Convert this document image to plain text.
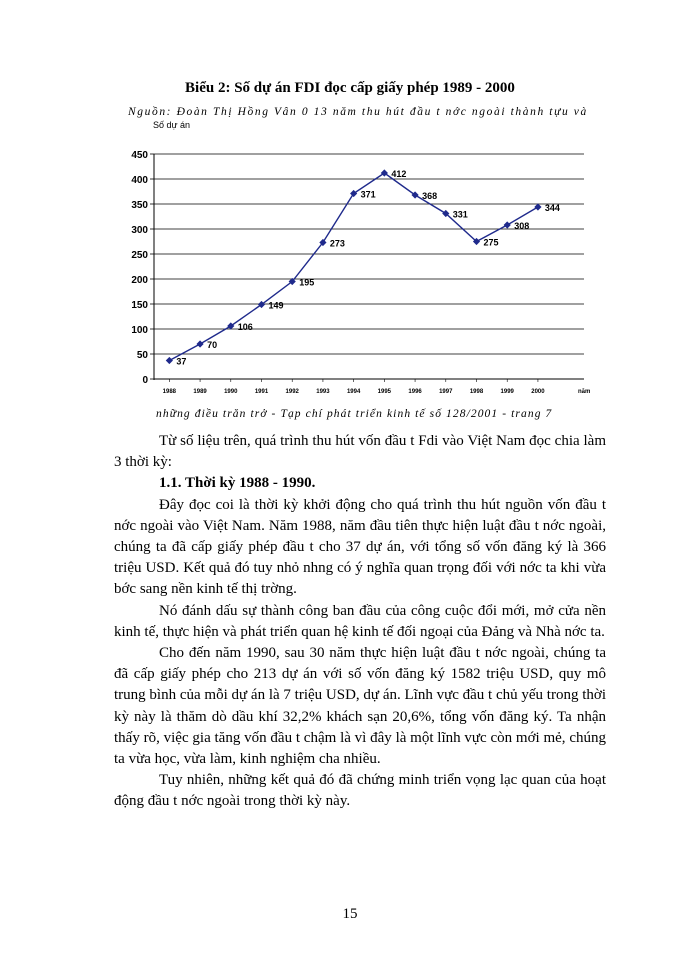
Biểu 2: Số dự án FDI đọc cấp giấy phép 1989 - 2000
Nguồn: Đoàn Thị Hồng Vân 0 13 năm thu hút đầu t nớc ngoài thành tựu và
Số dự án
0
50
100
150
200
250
300
350
400
450
1988	1989	1990	1991	1992	1993	1994	1995	1996	1997	1998	1999	2000	năm
37
70
106
149
195
273
371
412
368
331
275
308
344
những điều trăn trở - Tạp chí phát triển kinh tế số 128/2001 - trang 7

Từ số liệu trên, quá trình thu hút vốn đầu t Fdi vào Việt Nam đọc chia làm 3 thời kỳ:

1.1. Thời kỳ 1988 - 1990.

Đây đọc coi là thời kỳ khởi động cho quá trình thu hút nguồn vốn đầu t nớc ngoài vào Việt Nam. Năm 1988, năm đầu tiên thực hiện luật đầu t nớc ngoài, chúng ta đã cấp giấy phép đầu t cho 37 dự án, với tổng số vốn đăng ký là 366 triệu USD. Kết quả đó tuy nhỏ nhng có ý nghĩa quan trọng đối với nớc ta khi vừa bớc sang nền kinh tế thị trờng.

Nó đánh dấu sự thành công ban đầu của công cuộc đổi mới, mở cửa nền kinh tế, thực hiện và phát triển quan hệ kinh tế đối ngoại của Đảng và Nhà nớc ta.

Cho đến năm 1990, sau 30 năm thực hiện luật đầu t nớc ngoài, chúng ta đã cấp giấy phép cho 213 dự án với số vốn đăng ký 1582 triệu USD, quy mô trung bình của mỗi dự án là 7 triệu USD, dự án. Lĩnh vực đầu t chủ yếu trong thời kỳ này là thăm dò dầu khí 32,2% khách sạn 20,6%, tổng vốn đăng ký. Ta nhận thấy rõ, việc gia tăng vốn đầu t chậm là vì đây là một lĩnh vực còn mới mẻ, chúng ta vừa học, vừa làm, kinh nghiệm cha nhiều.

Tuy nhiên, những kết quả đó đã chứng minh triển vọng lạc quan của hoạt động đầu t nớc ngoài trong thời kỳ này.

15
